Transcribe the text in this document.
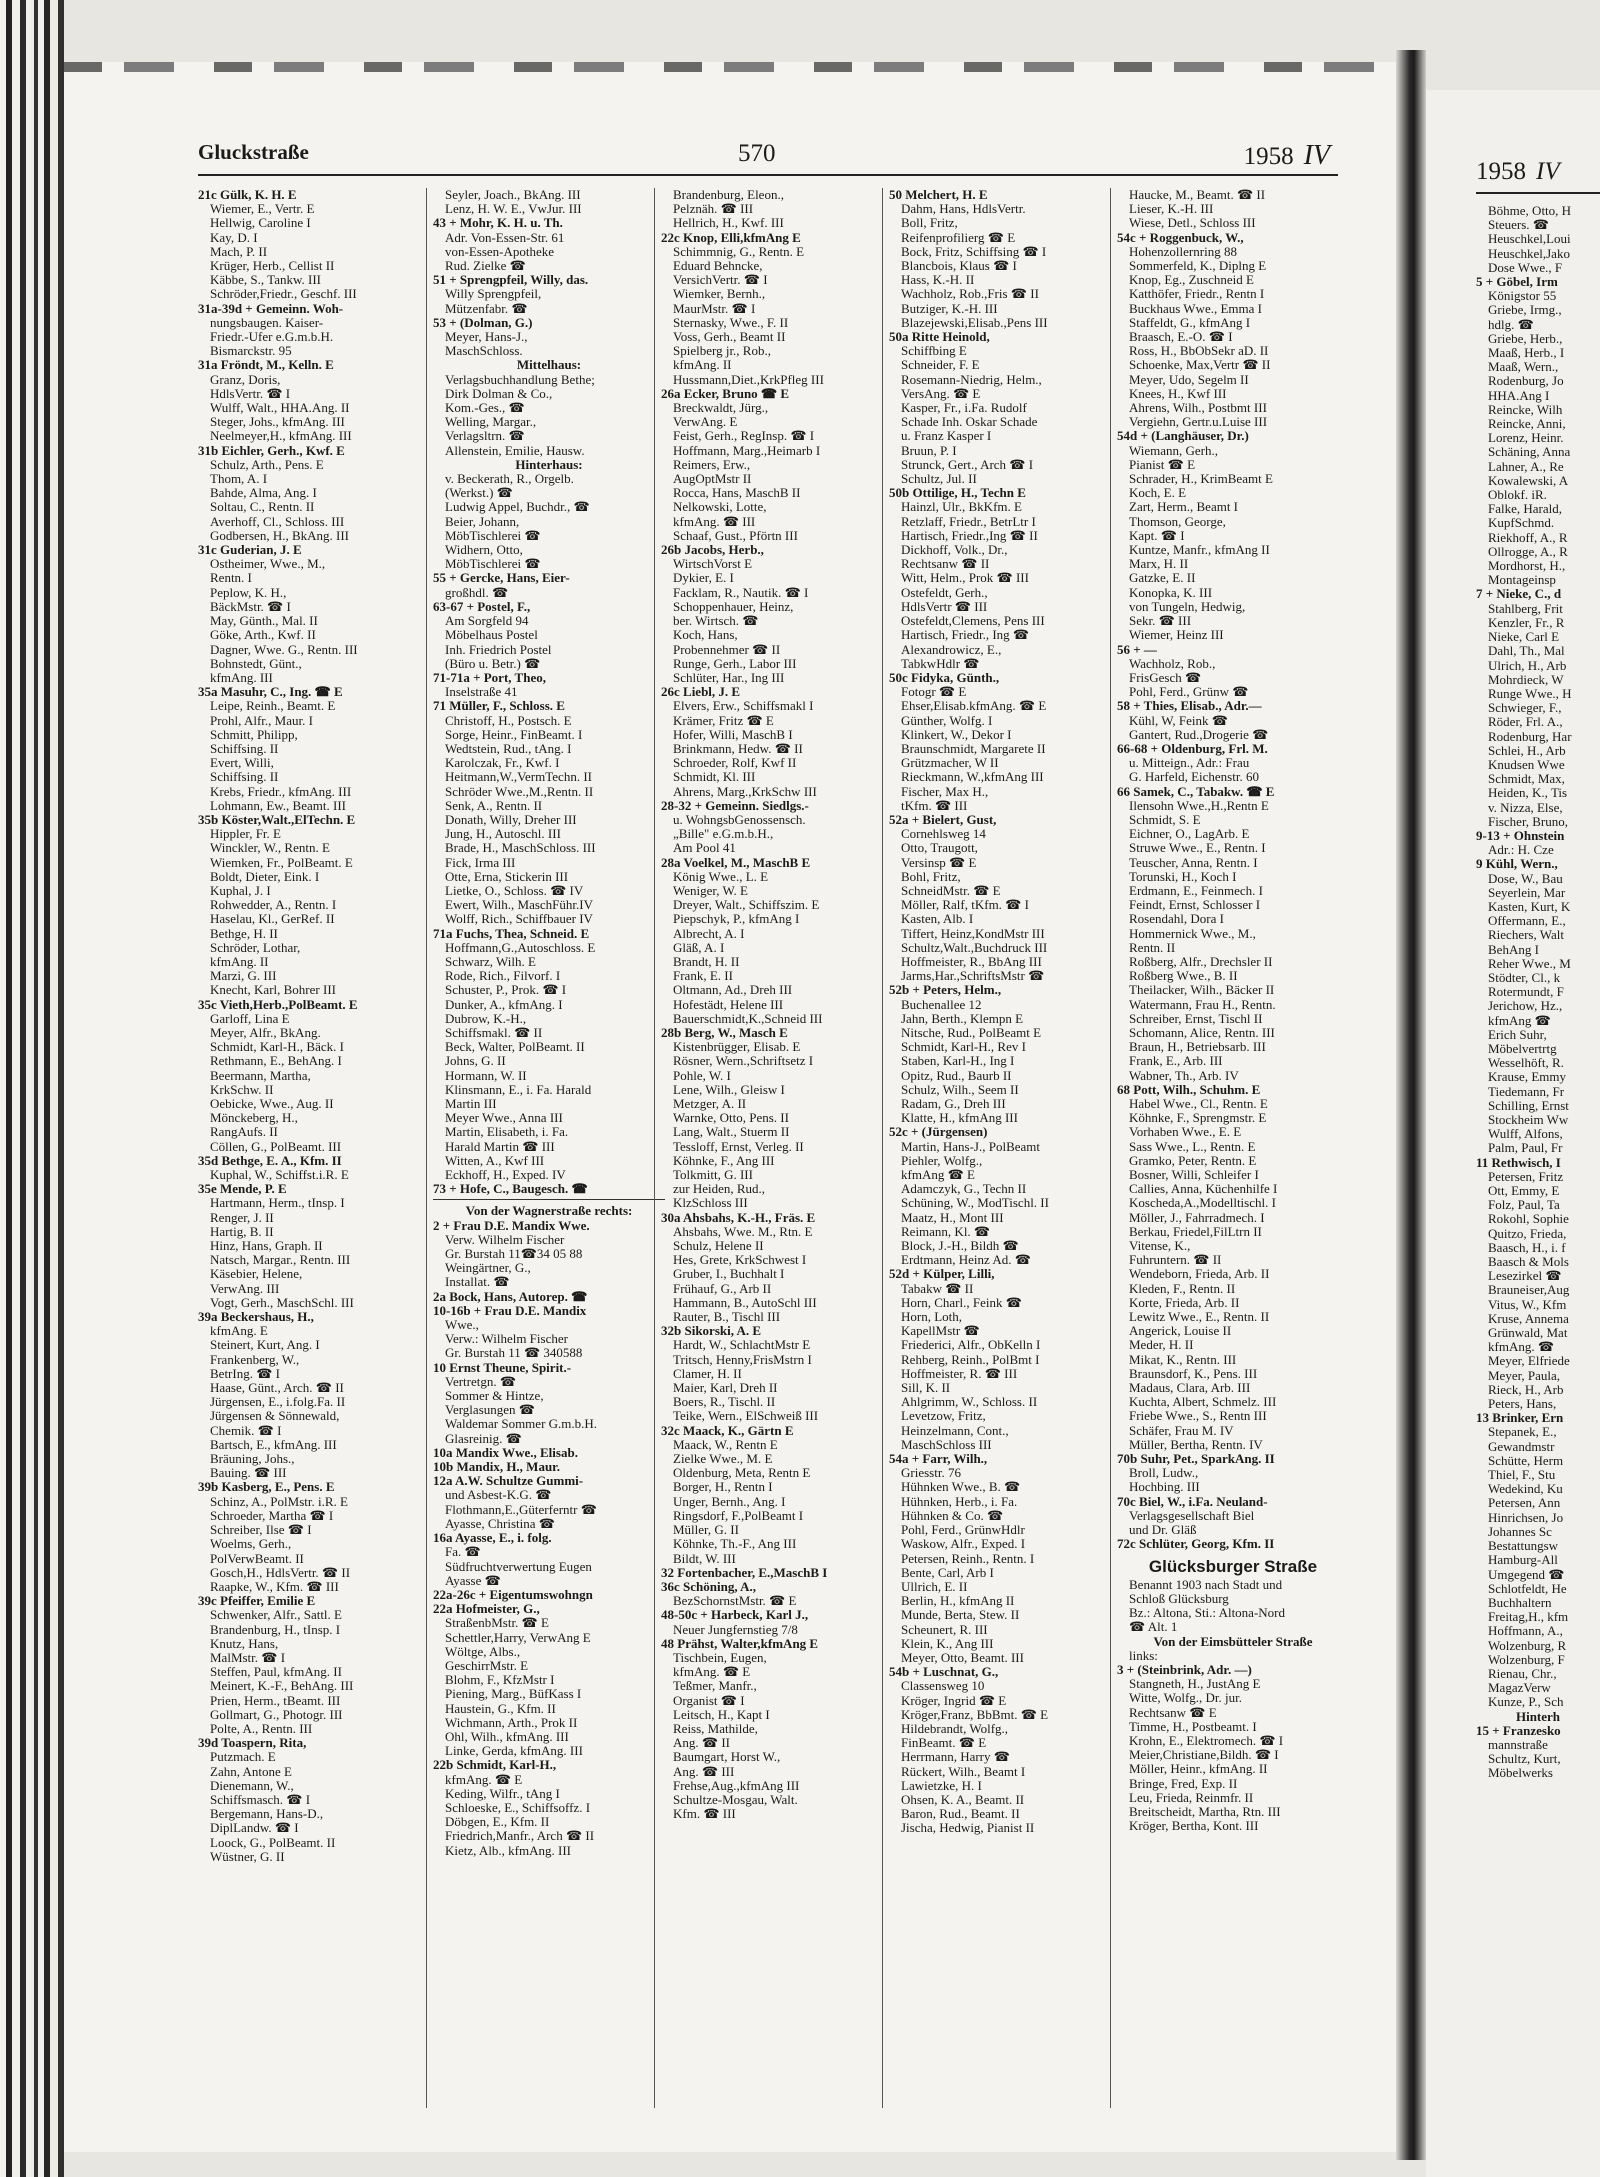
1958 IV
Böhme, Otto, H
Steuers. ☎
Heuschkel,Loui
Heuschkel,Jako
Dose Wwe., F
5 + Göbel, Irm
Königstor 55
Griebe, Irmg.,
hdlg. ☎
Griebe, Herb.,
Maaß, Herb., I
Maaß, Wern.,
Rodenburg, Jo
HHA.Ang I
Reincke, Wilh
Reincke, Anni,
Lorenz, Heinr.
Schäning, Anna
Lahner, A., Re
Kowalewski, A
Oblokf. iR.
Falke, Harald,
KupfSchmd.
Riekhoff, A., R
Ollrogge, A., R
Mordhorst, H.,
Montageinsp
7 + Nieke, C., d
Stahlberg, Frit
Kenzler, Fr., R
Nieke, Carl E
Dahl, Th., Mal
Ulrich, H., Arb
Mohrdieck, W
Runge Wwe., H
Schwieger, F.,
Röder, Frl. A.,
Rodenburg, Har
Schlei, H., Arb
Knudsen Wwe
Schmidt, Max,
Heiden, K., Tis
v. Nizza, Else,
Fischer, Bruno,
9-13 + Ohnstein
Adr.: H. Cze
9 Kühl, Wern.,
Dose, W., Bau
Seyerlein, Mar
Kasten, Kurt, K
Offermann, E.,
Riechers, Walt
BehAng I
Reher Wwe., M
Stödter, Cl., k
Rotermundt, F
Jerichow, Hz.,
kfmAng ☎
Erich Suhr,
Möbelvertrtg
Wesselhöft, R.
Krause, Emmy
Tiedemann, Fr
Schilling, Ernst
Stockheim Ww
Wulff, Alfons,
Palm, Paul, Fr
11 Rethwisch, I
Petersen, Fritz
Ott, Emmy, E
Folz, Paul, Ta
Rokohl, Sophie
Quitzo, Frieda,
Baasch, H., i. f
Baasch & Mols
Lesezirkel ☎
Brauneiser,Aug
Vitus, W., Kfm
Kruse, Annema
Grünwald, Mat
kfmAng. ☎
Meyer, Elfriede
Meyer, Paula,
Rieck, H., Arb
Peters, Hans,
13 Brinker, Ern
Stepanek, E.,
Gewandmstr
Schütte, Herm
Thiel, F., Stu
Wedekind, Ku
Petersen, Ann
Hinrichsen, Jo
Johannes Sc
Bestattungsw
Hamburg-All
Umgegend ☎
Schlotfeldt, He
Buchhaltern
Freitag,H., kfm
Hoffmann, A.,
Wolzenburg, R
Wolzenburg, F
Rienau, Chr.,
MagazVerw
Kunze, P., Sch
Hinterh
15 + Franzesko
mannstraße
Schultz, Kurt,
Möbelwerks
Gluckstraße	570	1958 IV
21c Gülk, K. H. E
Wiemer, E., Vertr. E
Hellwig, Caroline I
Kay, D. I
Mach, P. II
Krüger, Herb., Cellist II
Käbbe, S., Tankw. III
Schröder,Friedr., Geschf. III
31a-39d + Gemeinn. Woh-
nungsbaugen. Kaiser-
Friedr.-Ufer e.G.m.b.H.
Bismarckstr. 95
31a Fröndt, M., Kelln. E
Granz, Doris,
HdlsVertr. ☎ I
Wulff, Walt., HHA.Ang. II
Steger, Johs., kfmAng. III
Neelmeyer,H., kfmAng. III
31b Eichler, Gerh., Kwf. E
Schulz, Arth., Pens. E
Thom, A. I
Bahde, Alma, Ang. I
Soltau, C., Rentn. II
Averhoff, Cl., Schloss. III
Godbersen, H., BkAng. III
31c Guderian, J. E
Ostheimer, Wwe., M.,
Rentn. I
Peplow, K. H.,
BäckMstr. ☎ I
May, Günth., Mal. II
Göke, Arth., Kwf. II
Dagner, Wwe. G., Rentn. III
Bohnstedt, Günt.,
kfmAng. III
35a Masuhr, C., Ing. ☎ E
Leipe, Reinh., Beamt. E
Prohl, Alfr., Maur. I
Schmitt, Philipp,
Schiffsing. II
Evert, Willi,
Schiffsing. II
Krebs, Friedr., kfmAng. III
Lohmann, Ew., Beamt. III
35b Köster,Walt.,ElTechn. E
Hippler, Fr. E
Winckler, W., Rentn. E
Wiemken, Fr., PolBeamt. E
Boldt, Dieter, Eink. I
Kuphal, J. I
Rohwedder, A., Rentn. I
Haselau, Kl., GerRef. II
Bethge, H. II
Schröder, Lothar,
kfmAng. II
Marzi, G. III
Knecht, Karl, Bohrer III
35c Vieth,Herb.,PolBeamt. E
Garloff, Lina E
Meyer, Alfr., BkAng.
Schmidt, Karl-H., Bäck. I
Rethmann, E., BehAng. I
Beermann, Martha,
KrkSchw. II
Oebicke, Wwe., Aug. II
Mönckeberg, H.,
RangAufs. II
Cöllen, G., PolBeamt. III
35d Bethge, E. A., Kfm. II
Kuphal, W., Schiffst.i.R. E
35e Mende, P. E
Hartmann, Herm., tInsp. I
Renger, J. II
Hartig, B. II
Hinz, Hans, Graph. II
Natsch, Margar., Rentn. III
Käsebier, Helene,
VerwAng. III
Vogt, Gerh., MaschSchl. III
39a Beckershaus, H.,
kfmAng. E
Steinert, Kurt, Ang. I
Frankenberg, W.,
BetrIng. ☎ I
Haase, Günt., Arch. ☎ II
Jürgensen, E., i.folg.Fa. II
Jürgensen & Sönnewald,
Chemik. ☎ I
Bartsch, E., kfmAng. III
Bräuning, Johs.,
Bauing. ☎ III
39b Kasberg, E., Pens. E
Schinz, A., PolMstr. i.R. E
Schroeder, Martha ☎ I
Schreiber, Ilse ☎ I
Woelms, Gerh.,
PolVerwBeamt. II
Gosch,H., HdlsVertr. ☎ II
Raapke, W., Kfm. ☎ III
39c Pfeiffer, Emilie E
Schwenker, Alfr., Sattl. E
Brandenburg, H., tInsp. I
Knutz, Hans,
MalMstr. ☎ I
Steffen, Paul, kfmAng. II
Meinert, K.-F., BehAng. III
Prien, Herm., tBeamt. III
Gollmart, G., Photogr. III
Polte, A., Rentn. III
39d Toaspern, Rita,
Putzmach. E
Zahn, Antone E
Dienemann, W.,
Schiffsmasch. ☎ I
Bergemann, Hans-D.,
DiplLandw. ☎ I
Loock, G., PolBeamt. II
Wüstner, G. II
Seyler, Joach., BkAng. III
Lenz, H. W. E., VwJur. III
43 + Mohr, K. H. u. Th.
Adr. Von-Essen-Str. 61
von-Essen-Apotheke
Rud. Zielke ☎
51 + Sprengpfeil, Willy, das.
Willy Sprengpfeil,
Mützenfabr. ☎
53 + (Dolman, G.)
Meyer, Hans-J.,
MaschSchloss.
Mittelhaus:
Verlagsbuchhandlung Bethe;
Dirk Dolman & Co.,
Kom.-Ges., ☎
Welling, Margar.,
Verlagsltrn. ☎
Allenstein, Emilie, Hausw.
Hinterhaus:
v. Beckerath, R., Orgelb.
(Werkst.) ☎
Ludwig Appel, Buchdr., ☎
Beier, Johann,
MöbTischlerei ☎
Widhern, Otto,
MöbTischlerei ☎
55 + Gercke, Hans, Eier-
großhdl. ☎
63-67 + Postel, F.,
Am Sorgfeld 94
Möbelhaus Postel
Inh. Friedrich Postel
(Büro u. Betr.) ☎
71-71a + Port, Theo,
Inselstraße 41
71 Müller, F., Schloss. E
Christoff, H., Postsch. E
Sorge, Heinr., FinBeamt. I
Wedtstein, Rud., tAng. I
Karolczak, Fr., Kwf. I
Heitmann,W.,VermTechn. II
Schröder Wwe.,M.,Rentn. II
Senk, A., Rentn. II
Donath, Willy, Dreher III
Jung, H., Autoschl. III
Brade, H., MaschSchloss. III
Fick, Irma III
Otte, Erna, Stickerin III
Lietke, O., Schloss. ☎ IV
Ewert, Wilh., MaschFühr.IV
Wolff, Rich., Schiffbauer IV
71a Fuchs, Thea, Schneid. E
Hoffmann,G.,Autoschloss. E
Schwarz, Wilh. E
Rode, Rich., Filvorf. I
Schuster, P., Prok. ☎ I
Dunker, A., kfmAng. I
Dubrow, K.-H.,
Schiffsmakl. ☎ II
Beck, Walter, PolBeamt. II
Johns, G. II
Hormann, W. II
Klinsmann, E., i. Fa. Harald
Martin III
Meyer Wwe., Anna III
Martin, Elisabeth, i. Fa.
Harald Martin ☎ III
Witten, A., Kwf III
Eckhoff, H., Exped. IV
73 + Hofe, C., Baugesch. ☎
Von der Wagnerstraße rechts:
2 + Frau D.E. Mandix Wwe.
Verw. Wilhelm Fischer
Gr. Burstah 11☎34 05 88
Weingärtner, G.,
Installat. ☎
2a Bock, Hans, Autorep. ☎
10-16b + Frau D.E. Mandix
Wwe.,
Verw.: Wilhelm Fischer
Gr. Burstah 11 ☎ 340588
10 Ernst Theune, Spirit.-
Vertretgn. ☎
Sommer & Hintze,
Verglasungen ☎
Waldemar Sommer G.m.b.H.
Glasreinig. ☎
10a Mandix Wwe., Elisab.
10b Mandix, H., Maur.
12a A.W. Schultze Gummi-
und Asbest-K.G. ☎
Flothmann,E.,Güterferntr ☎
Ayasse, Christina ☎
16a Ayasse, E., i. folg.
Fa. ☎
Südfruchtverwertung Eugen
Ayasse ☎
22a-26c + Eigentumswohngn
22a Hofmeister, G.,
StraßenbMstr. ☎ E
Schettler,Harry, VerwAng E
Wöltge, Albs.,
GeschirrMstr. E
Blohm, F., KfzMstr I
Piening, Marg., BüfKass I
Haustein, G., Kfm. II
Wichmann, Arth., Prok II
Ohl, Wilh., kfmAng. III
Linke, Gerda, kfmAng. III
22b Schmidt, Karl-H.,
kfmAng. ☎ E
Keding, Wilfr., tAng I
Schloeske, E., Schiffsoffz. I
Döbgen, E., Kfm. II
Friedrich,Manfr., Arch ☎ II
Kietz, Alb., kfmAng. III
Brandenburg, Eleon.,
Pelznäh. ☎ III
Hellrich, H., Kwf. III
22c Knop, Elli,kfmAng E
Schimmnig, G., Rentn. E
Eduard Behncke,
VersichVertr. ☎ I
Wiemker, Bernh.,
MaurMstr. ☎ I
Sternasky, Wwe., F. II
Voss, Gerh., Beamt II
Spielberg jr., Rob.,
kfmAng. II
Hussmann,Diet.,KrkPfleg III
26a Ecker, Bruno ☎ E
Breckwaldt, Jürg.,
VerwAng. E
Feist, Gerh., RegInsp. ☎ I
Hoffmann, Marg.,Heimarb I
Reimers, Erw.,
AugOptMstr II
Rocca, Hans, MaschB II
Nelkowski, Lotte,
kfmAng. ☎ III
Schaaf, Gust., Pförtn III
26b Jacobs, Herb.,
WirtschVorst E
Dykier, E. I
Facklam, R., Nautik. ☎ I
Schoppenhauer, Heinz,
ber. Wirtsch. ☎
Koch, Hans,
Probennehmer ☎ II
Runge, Gerh., Labor III
Schlüter, Har., Ing III
26c Liebl, J. E
Elvers, Erw., Schiffsmakl I
Krämer, Fritz ☎ E
Hofer, Willi, MaschB I
Brinkmann, Hedw. ☎ II
Schroeder, Rolf, Kwf II
Schmidt, Kl. III
Ahrens, Marg.,KrkSchw III
28-32 + Gemeinn. Siedlgs.-
u. WohngsbGenossensch.
„Bille" e.G.m.b.H.,
Am Pool 41
28a Voelkel, M., MaschB E
König Wwe., L. E
Weniger, W. E
Dreyer, Walt., Schiffszim. E
Piepschyk, P., kfmAng I
Albrecht, A. I
Gläß, A. I
Brandt, H. II
Frank, E. II
Oltmann, Ad., Dreh III
Hofestädt, Helene III
Bauerschmidt,K.,Schneid III
28b Berg, W., Masch E
Kistenbrügger, Elisab. E
Rösner, Wern.,Schriftsetz I
Pohle, W. I
Lene, Wilh., Gleisw I
Metzger, A. II
Warnke, Otto, Pens. II
Lang, Walt., Stuerm II
Tessloff, Ernst, Verleg. II
Köhnke, F., Ang III
Tolkmitt, G. III
zur Heiden, Rud.,
KlzSchloss III
30a Ahsbahs, K.-H., Fräs. E
Ahsbahs, Wwe. M., Rtn. E
Schulz, Helene II
Hes, Grete, KrkSchwest I
Gruber, I., Buchhalt I
Frühauf, G., Arb II
Hammann, B., AutoSchl III
Rauter, B., Tischl III
32b Sikorski, A. E
Hardt, W., SchlachtMstr E
Tritsch, Henny,FrisMstrn I
Clamer, H. II
Maier, Karl, Dreh II
Boers, R., Tischl. II
Teike, Wern., ElSchweiß III
32c Maack, K., Gärtn E
Maack, W., Rentn E
Zielke Wwe., M. E
Oldenburg, Meta, Rentn E
Borger, H., Rentn I
Unger, Bernh., Ang. I
Ringsdorf, F.,PolBeamt I
Müller, G. II
Köhnke, Th.-F., Ang III
Bildt, W. III
32 Fortenbacher, E.,MaschB I
36c Schöning, A.,
BezSchornstMstr. ☎ E
48-50c + Harbeck, Karl J.,
Neuer Jungfernstieg 7/8
48 Prähst, Walter,kfmAng E
Tischbein, Eugen,
kfmAng. ☎ E
Teßmer, Manfr.,
Organist ☎ I
Leitsch, H., Kapt I
Reiss, Mathilde,
Ang. ☎ II
Baumgart, Horst W.,
Ang. ☎ III
Frehse,Aug.,kfmAng III
Schultze-Mosgau, Walt.
Kfm. ☎ III
50 Melchert, H. E
Dahm, Hans, HdlsVertr.
Boll, Fritz,
Reifenprofilierg ☎ E
Bock, Fritz, Schiffsing ☎ I
Blancbois, Klaus ☎ I
Hass, K.-H. II
Wachholz, Rob.,Fris ☎ II
Butziger, K.-H. III
Blazejewski,Elisab.,Pens III
50a Ritte Heinold,
Schiffbing E
Schneider, F. E
Rosemann-Niedrig, Helm.,
VersAng. ☎ E
Kasper, Fr., i.Fa. Rudolf
Schade Inh. Oskar Schade
u. Franz Kasper I
Bruun, P. I
Strunck, Gert., Arch ☎ I
Schultz, Jul. II
50b Ottilige, H., Techn E
Hainzl, Ulr., BkKfm. E
Retzlaff, Friedr., BetrLtr I
Hartisch, Friedr.,Ing ☎ II
Dickhoff, Volk., Dr.,
Rechtsanw ☎ II
Witt, Helm., Prok ☎ III
Ostefeldt, Gerh.,
HdlsVertr ☎ III
Ostefeldt,Clemens, Pens III
Hartisch, Friedr., Ing ☎
Alexandrowicz, E.,
TabkwHdlr ☎
50c Fidyka, Günth.,
Fotogr ☎ E
Ehser,Elisab.kfmAng. ☎ E
Günther, Wolfg. I
Klinkert, W., Dekor I
Braunschmidt, Margarete II
Grützmacher, W II
Rieckmann, W.,kfmAng III
Fischer, Max H.,
tKfm. ☎ III
52a + Bielert, Gust,
Cornehlsweg 14
Otto, Traugott,
Versinsp ☎ E
Bohl, Fritz,
SchneidMstr. ☎ E
Möller, Ralf, tKfm. ☎ I
Kasten, Alb. I
Tiffert, Heinz,KondMstr III
Schultz,Walt.,Buchdruck III
Hoffmeister, R., BbAng III
Jarms,Har.,SchriftsMstr ☎
52b + Peters, Helm.,
Buchenallee 12
Jahn, Berth., Klempn E
Nitsche, Rud., PolBeamt E
Schmidt, Karl-H., Rev I
Staben, Karl-H., Ing I
Opitz, Rud., Baurb II
Schulz, Wilh., Seem II
Radam, G., Dreh III
Klatte, H., kfmAng III
52c + (Jürgensen)
Martin, Hans-J., PolBeamt
Piehler, Wolfg.,
kfmAng ☎ E
Adamczyk, G., Techn II
Schüning, W., ModTischl. II
Maatz, H., Mont III
Reimann, Kl. ☎
Block, J.-H., Bildh ☎
Erdtmann, Heinz Ad. ☎
52d + Külper, Lilli,
Tabakw ☎ II
Horn, Charl., Feink ☎
Horn, Loth,
KapellMstr ☎
Friederici, Alfr., ObKelln I
Rehberg, Reinh., PolBmt I
Hoffmeister, R. ☎ III
Sill, K. II
Ahlgrimm, W., Schloss. II
Levetzow, Fritz,
Heinzelmann, Cont.,
MaschSchloss III
54a + Farr, Wilh.,
Griesstr. 76
Hühnken Wwe., B. ☎
Hühnken, Herb., i. Fa.
Hühnken & Co. ☎
Pohl, Ferd., GrünwHdlr
Waskow, Alfr., Exped. I
Petersen, Reinh., Rentn. I
Bente, Carl, Arb I
Ullrich, E. II
Berlin, H., kfmAng II
Munde, Berta, Stew. II
Scheunert, R. III
Klein, K., Ang III
Meyer, Otto, Beamt. III
54b + Luschnat, G.,
Classensweg 10
Kröger, Ingrid ☎ E
Kröger,Franz, BbBmt. ☎ E
Hildebrandt, Wolfg.,
FinBeamt. ☎ E
Herrmann, Harry ☎
Rückert, Wilh., Beamt I
Lawietzke, H. I
Ohsen, K. A., Beamt. II
Baron, Rud., Beamt. II
Jischa, Hedwig, Pianist II
Haucke, M., Beamt. ☎ II
Lieser, K.-H. III
Wiese, Detl., Schloss III
54c + Roggenbuck, W.,
Hohenzollernring 88
Sommerfeld, K., Diplng E
Knop, Eg., Zuschneid E
Katthöfer, Friedr., Rentn I
Buckhaus Wwe., Emma I
Staffeldt, G., kfmAng I
Braasch, E.-O. ☎ I
Ross, H., BbObSekr aD. II
Schoenke, Max,Vertr ☎ II
Meyer, Udo, Segelm II
Knees, H., Kwf III
Ahrens, Wilh., Postbmt III
Vergiehn, Gertr.u.Luise III
54d + (Langhäuser, Dr.)
Wiemann, Gerh.,
Pianist ☎ E
Schrader, H., KrimBeamt E
Koch, E. E
Zart, Herm., Beamt I
Thomson, George,
Kapt. ☎ I
Kuntze, Manfr., kfmAng II
Marx, H. II
Gatzke, E. II
Konopka, K. III
von Tungeln, Hedwig,
Sekr. ☎ III
Wiemer, Heinz III
56 + —
Wachholz, Rob.,
FrisGesch ☎
Pohl, Ferd., Grünw ☎
58 + Thies, Elisab., Adr.—
Kühl, W, Feink ☎
Gantert, Rud.,Drogerie ☎
66-68 + Oldenburg, Frl. M.
u. Mitteign., Adr.: Frau
G. Harfeld, Eichenstr. 60
66 Samek, C., Tabakw. ☎ E
Ilensohn Wwe.,H.,Rentn E
Schmidt, S. E
Eichner, O., LagArb. E
Struwe Wwe., E., Rentn. I
Teuscher, Anna, Rentn. I
Torunski, H., Koch I
Erdmann, E., Feinmech. I
Feindt, Ernst, Schlosser I
Rosendahl, Dora I
Hommernick Wwe., M.,
Rentn. II
Roßberg, Alfr., Drechsler II
Roßberg Wwe., B. II
Theilacker, Wilh., Bäcker II
Watermann, Frau H., Rentn.
Schreiber, Ernst, Tischl II
Schomann, Alice, Rentn. III
Braun, H., Betriebsarb. III
Frank, E., Arb. III
Wabner, Th., Arb. IV
68 Pott, Wilh., Schuhm. E
Habel Wwe., Cl., Rentn. E
Köhnke, F., Sprengmstr. E
Vorhaben Wwe., E. E
Sass Wwe., L., Rentn. E
Gramko, Peter, Rentn. E
Bosner, Willi, Schleifer I
Callies, Anna, Küchenhilfe I
Koscheda,A.,Modelltischl. I
Möller, J., Fahrradmech. I
Berkau, Friedel,FilLtrn II
Vitense, K.,
Fuhruntern. ☎ II
Wendeborn, Frieda, Arb. II
Kleden, F., Rentn. II
Korte, Frieda, Arb. II
Lewitz Wwe., E., Rentn. II
Angerick, Louise II
Meder, H. II
Mikat, K., Rentn. III
Braunsdorf, K., Pens. III
Madaus, Clara, Arb. III
Kuchta, Albert, Schmelz. III
Friebe Wwe., S., Rentn III
Schäfer, Frau M. IV
Müller, Bertha, Rentn. IV
70b Suhr, Pet., SparkAng. II
Broll, Ludw.,
Hochbing. III
70c Biel, W., i.Fa. Neuland-
Verlagsgesellschaft Biel
und Dr. Gläß
72c Schlüter, Georg, Kfm. II
Glücksburger Straße
Benannt 1903 nach Stadt und
Schloß Glücksburg
Bz.: Altona, Sti.: Altona-Nord
☎ Alt. 1
Von der Eimsbütteler Straße
links:
3 + (Steinbrink, Adr. —)
Stangneth, H., JustAng E
Witte, Wolfg., Dr. jur.
Rechtsanw ☎ E
Timme, H., Postbeamt. I
Krohn, E., Elektromech. ☎ I
Meier,Christiane,Bildh. ☎ I
Möller, Heinr., kfmAng. II
Bringe, Fred, Exp. II
Leu, Frieda, Reinmfr. II
Breitscheidt, Martha, Rtn. III
Kröger, Bertha, Kont. III
